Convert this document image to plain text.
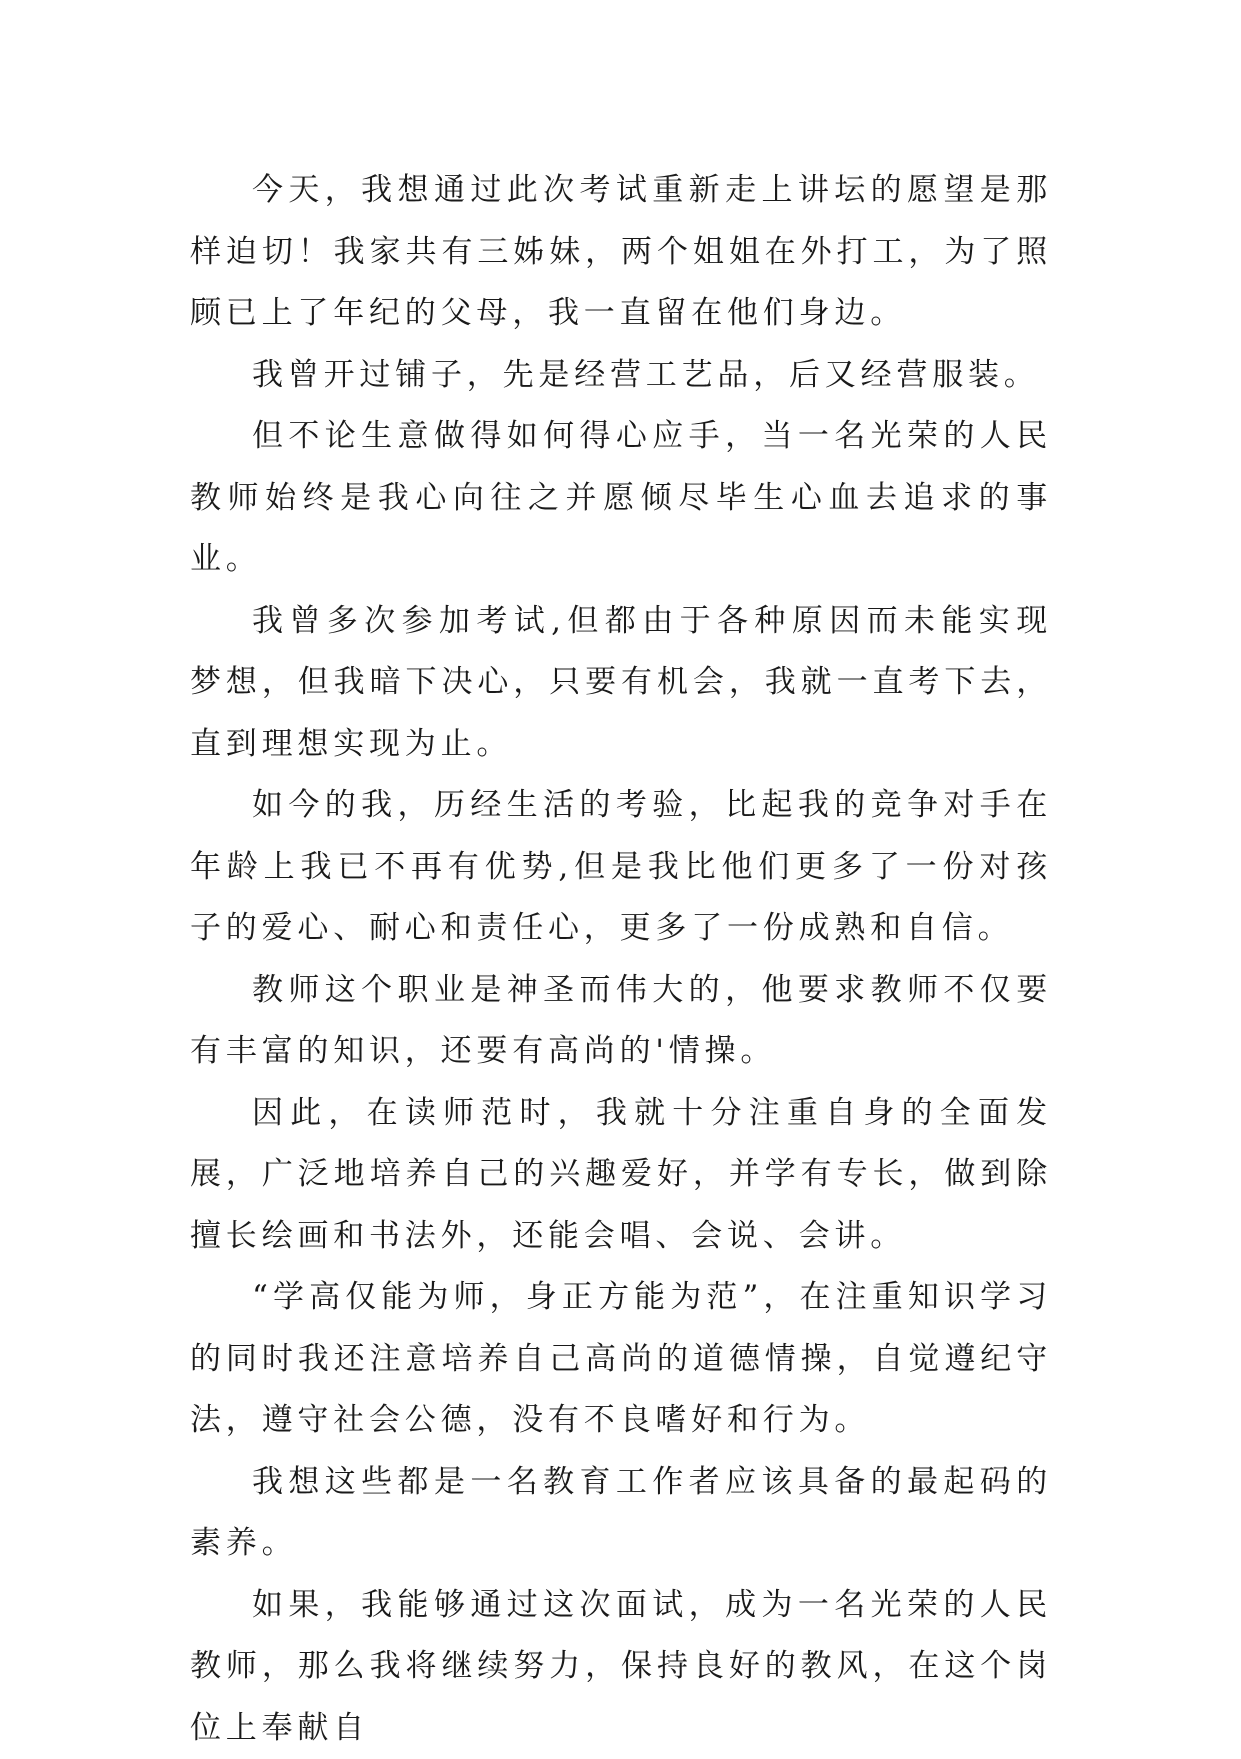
今天，我想通过此次考试重新走上讲坛的愿望是那样迫切！我家共有三姊妹，两个姐姐在外打工，为了照顾已上了年纪的父母，我一直留在他们身边。

我曾开过铺子，先是经营工艺品，后又经营服装。

但不论生意做得如何得心应手，当一名光荣的人民教师始终是我心向往之并愿倾尽毕生心血去追求的事业。

我曾多次参加考试,但都由于各种原因而未能实现梦想，但我暗下决心，只要有机会，我就一直考下去，直到理想实现为止。

如今的我，历经生活的考验，比起我的竞争对手在年龄上我已不再有优势,但是我比他们更多了一份对孩子的爱心、耐心和责任心，更多了一份成熟和自信。

教师这个职业是神圣而伟大的，他要求教师不仅要有丰富的知识，还要有高尚的'情操。

因此，在读师范时，我就十分注重自身的全面发展，广泛地培养自己的兴趣爱好，并学有专长，做到除擅长绘画和书法外，还能会唱、会说、会讲。

“学高仅能为师，身正方能为范”，在注重知识学习的同时我还注意培养自己高尚的道德情操，自觉遵纪守法，遵守社会公德，没有不良嗜好和行为。

我想这些都是一名教育工作者应该具备的最起码的素养。

如果，我能够通过这次面试，成为一名光荣的人民教师，那么我将继续努力，保持良好的教风，在这个岗位上奉献自
